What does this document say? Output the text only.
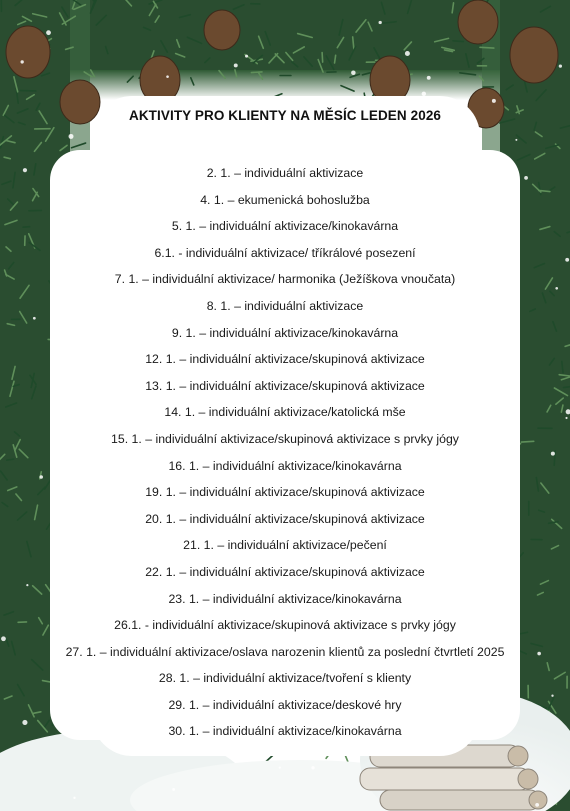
AKTIVITY PRO KLIENTY NA MĚSÍC LEDEN 2026
2. 1. – individuální aktivizace
4. 1. – ekumenická bohoslužba
5. 1. – individuální aktivizace/kinokavárna
6.1. - individuální aktivizace/ tříkrálové posezení
7. 1. – individuální aktivizace/ harmonika (Ježíškova vnoučata)
8. 1. – individuální aktivizace
9. 1. – individuální aktivizace/kinokavárna
12. 1. – individuální aktivizace/skupinová aktivizace
13. 1. – individuální aktivizace/skupinová aktivizace
14. 1. – individuální aktivizace/katolická mše
15. 1. – individuální aktivizace/skupinová aktivizace s prvky jógy
16. 1. – individuální aktivizace/kinokavárna
19. 1. – individuální aktivizace/skupinová aktivizace
20. 1. – individuální aktivizace/skupinová aktivizace
21. 1. – individuální aktivizace/pečení
22. 1. – individuální aktivizace/skupinová aktivizace
23. 1. – individuální aktivizace/kinokavárna
26.1. - individuální aktivizace/skupinová aktivizace s prvky jógy
27. 1. – individuální aktivizace/oslava narozenin klientů za poslední čtvrtletí 2025
28. 1. – individuální aktivizace/tvoření s klienty
29. 1. – individuální aktivizace/deskové hry
30. 1. – individuální aktivizace/kinokavárna
